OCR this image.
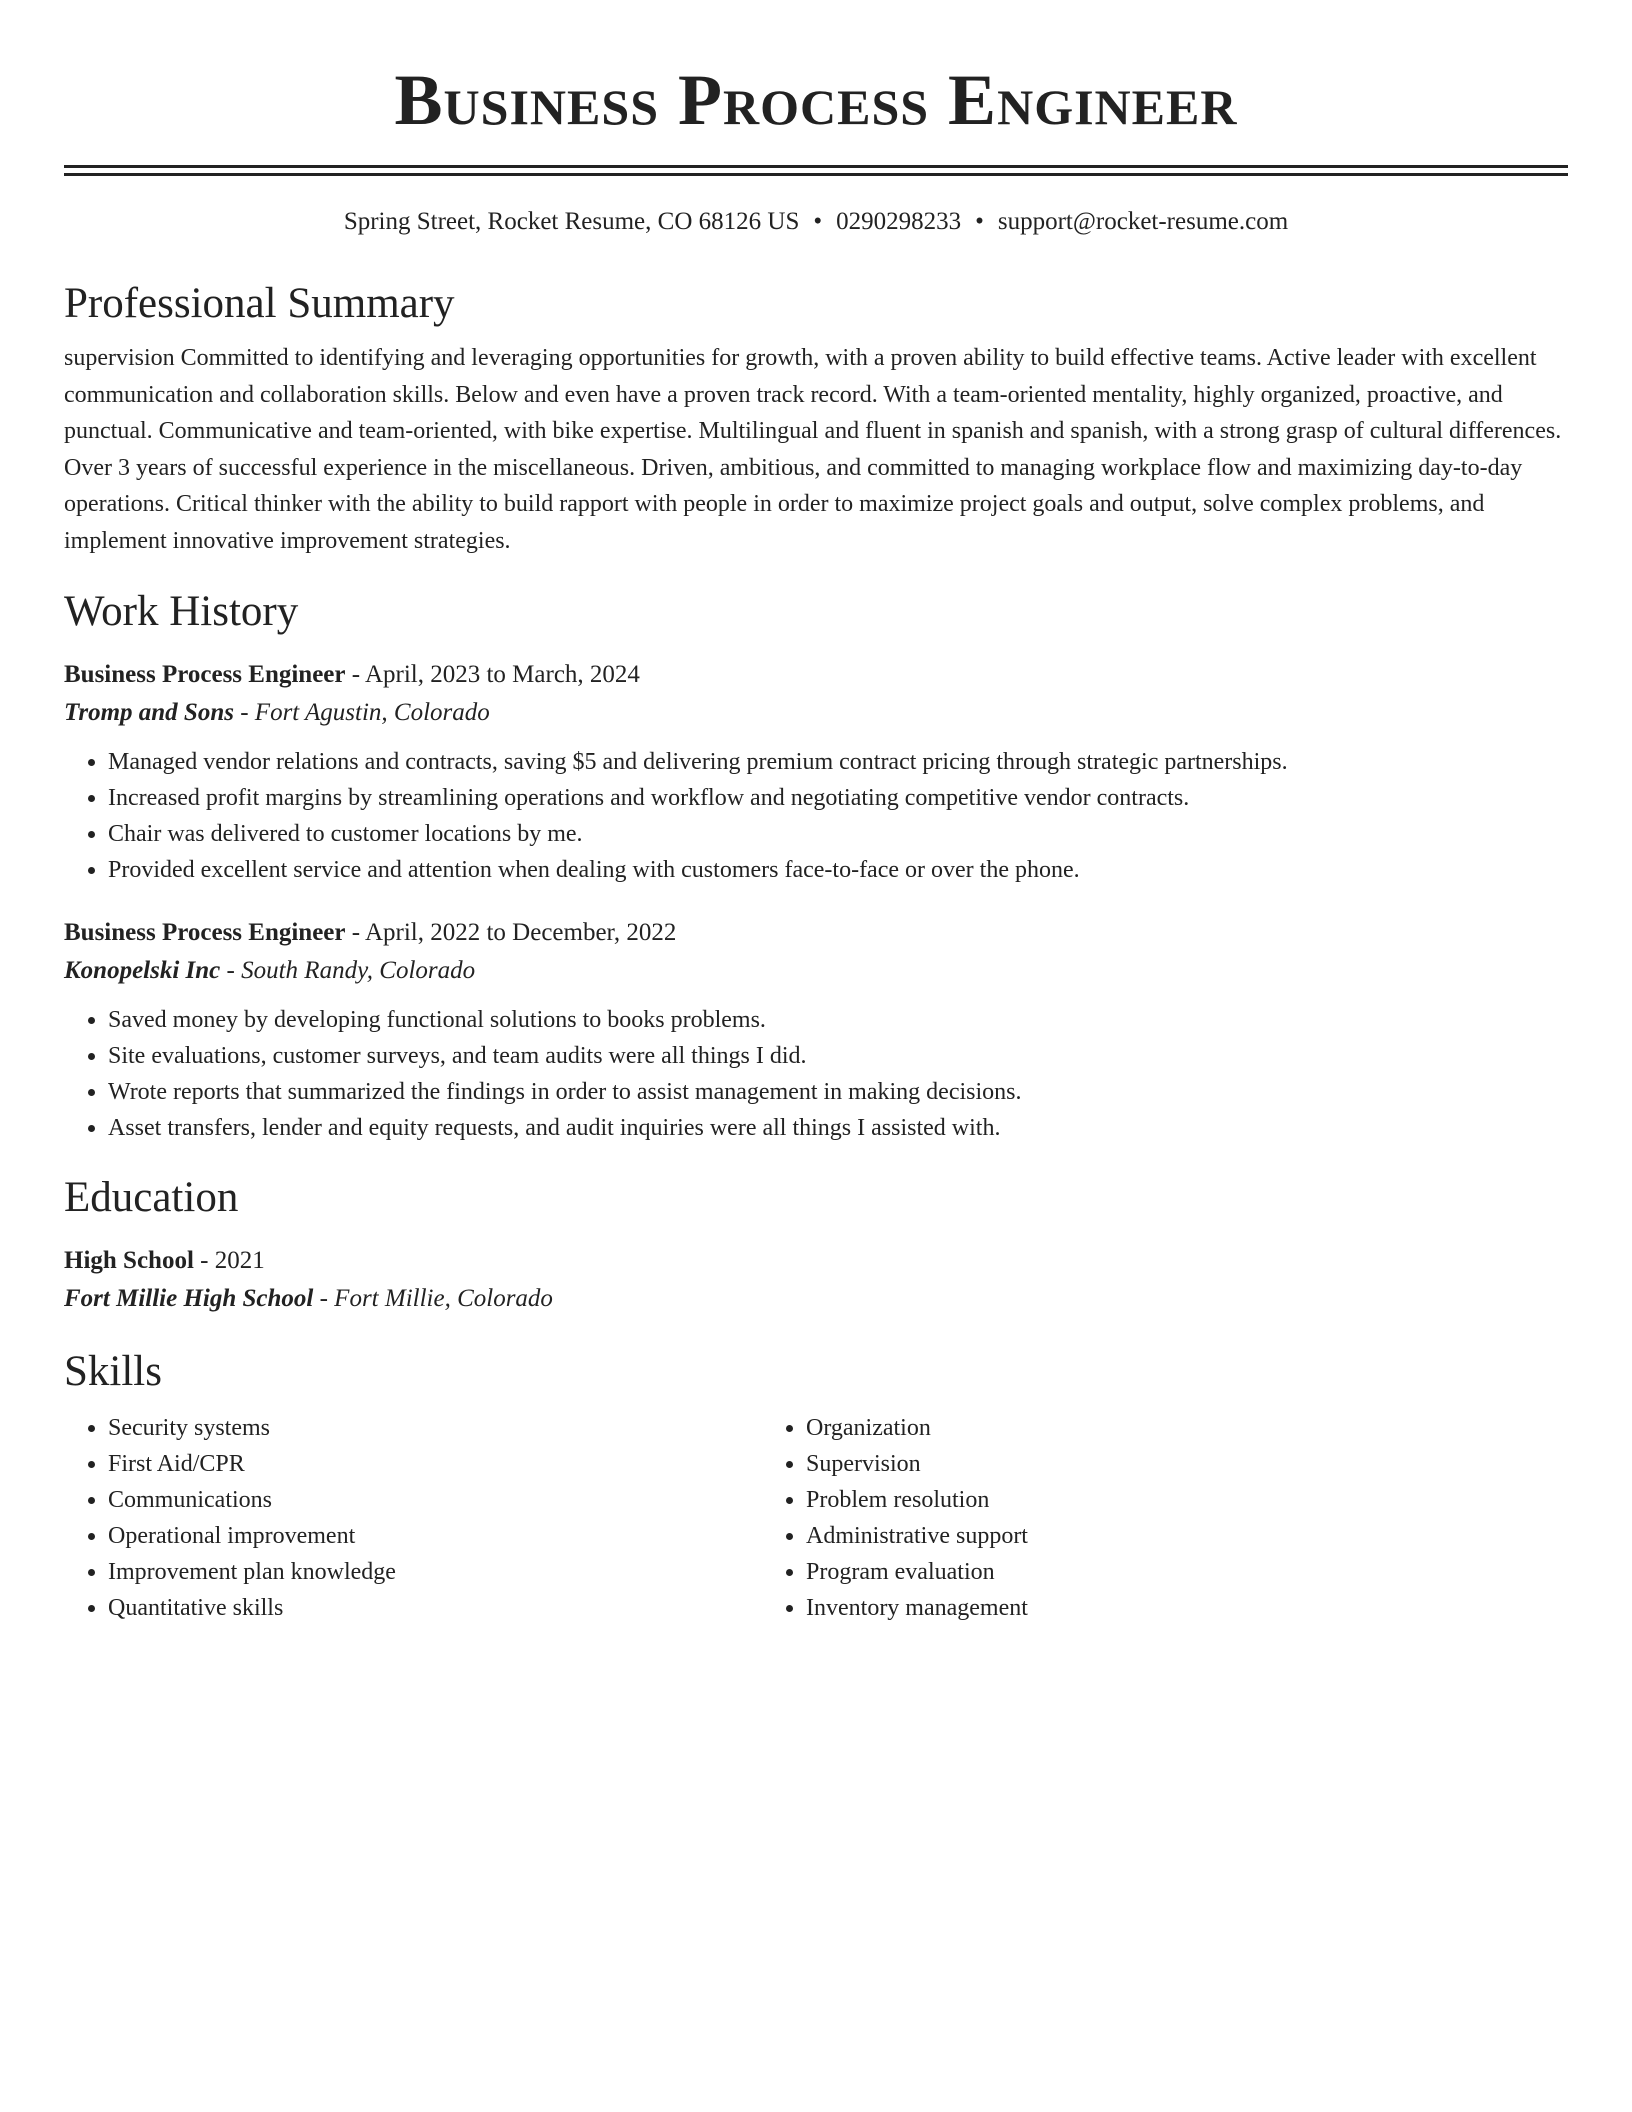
Business Process Engineer
Spring Street, Rocket Resume, CO 68126 US • 0290298233 • support@rocket-resume.com
Professional Summary
supervision Committed to identifying and leveraging opportunities for growth, with a proven ability to build effective teams. Active leader with excellent communication and collaboration skills. Below and even have a proven track record. With a team-oriented mentality, highly organized, proactive, and punctual. Communicative and team-oriented, with bike expertise. Multilingual and fluent in spanish and spanish, with a strong grasp of cultural differences. Over 3 years of successful experience in the miscellaneous. Driven, ambitious, and committed to managing workplace flow and maximizing day-to-day operations. Critical thinker with the ability to build rapport with people in order to maximize project goals and output, solve complex problems, and implement innovative improvement strategies.
Work History
Business Process Engineer - April, 2023 to March, 2024
Tromp and Sons - Fort Agustin, Colorado
• Managed vendor relations and contracts, saving $5 and delivering premium contract pricing through strategic partnerships.
• Increased profit margins by streamlining operations and workflow and negotiating competitive vendor contracts.
• Chair was delivered to customer locations by me.
• Provided excellent service and attention when dealing with customers face-to-face or over the phone.
Business Process Engineer - April, 2022 to December, 2022
Konopelski Inc - South Randy, Colorado
• Saved money by developing functional solutions to books problems.
• Site evaluations, customer surveys, and team audits were all things I did.
• Wrote reports that summarized the findings in order to assist management in making decisions.
• Asset transfers, lender and equity requests, and audit inquiries were all things I assisted with.
Education
High School - 2021
Fort Millie High School - Fort Millie, Colorado
Skills
• Security systems
• First Aid/CPR
• Communications
• Operational improvement
• Improvement plan knowledge
• Quantitative skills
• Organization
• Supervision
• Problem resolution
• Administrative support
• Program evaluation
• Inventory management
